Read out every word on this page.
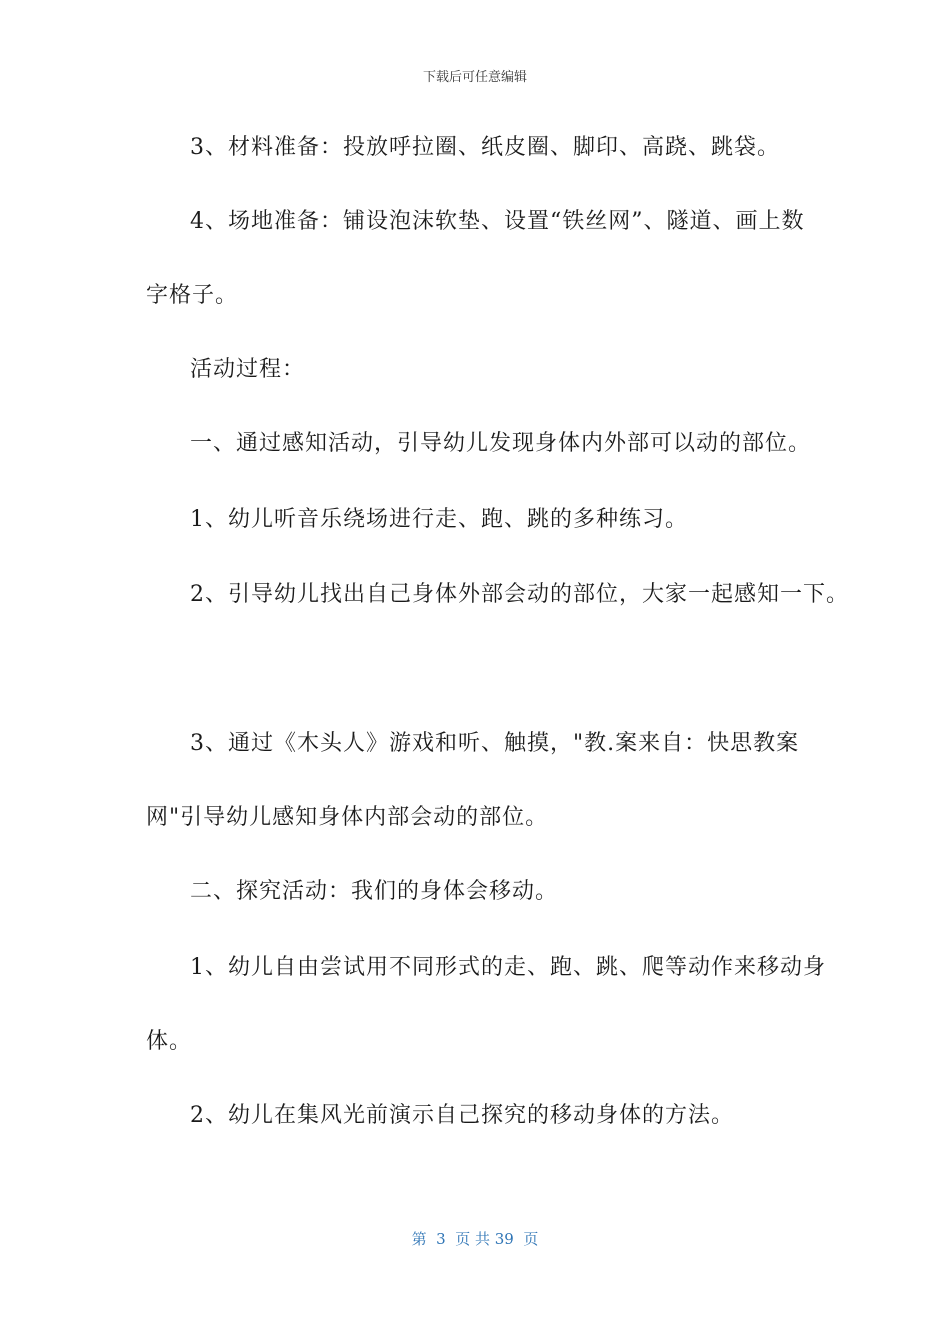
下载后可任意编辑
3、材料准备：投放呼拉圈、纸皮圈、脚印、高跷、跳袋。
4、场地准备：铺设泡沫软垫、设置“铁丝网”、隧道、画上数
字格子。
活动过程：
一、通过感知活动，引导幼儿发现身体内外部可以动的部位。
1、幼儿听音乐绕场进行走、跑、跳的多种练习。
2、引导幼儿找出自己身体外部会动的部位，大家一起感知一下。
3、通过《木头人》游戏和听、触摸，"教.案来自：快思教案
网"引导幼儿感知身体内部会动的部位。
二、探究活动：我们的身体会移动。
1、幼儿自由尝试用不同形式的走、跑、跳、爬等动作来移动身
体。
2、幼儿在集风光前演示自己探究的移动身体的方法。
第  3  页 共 39  页
